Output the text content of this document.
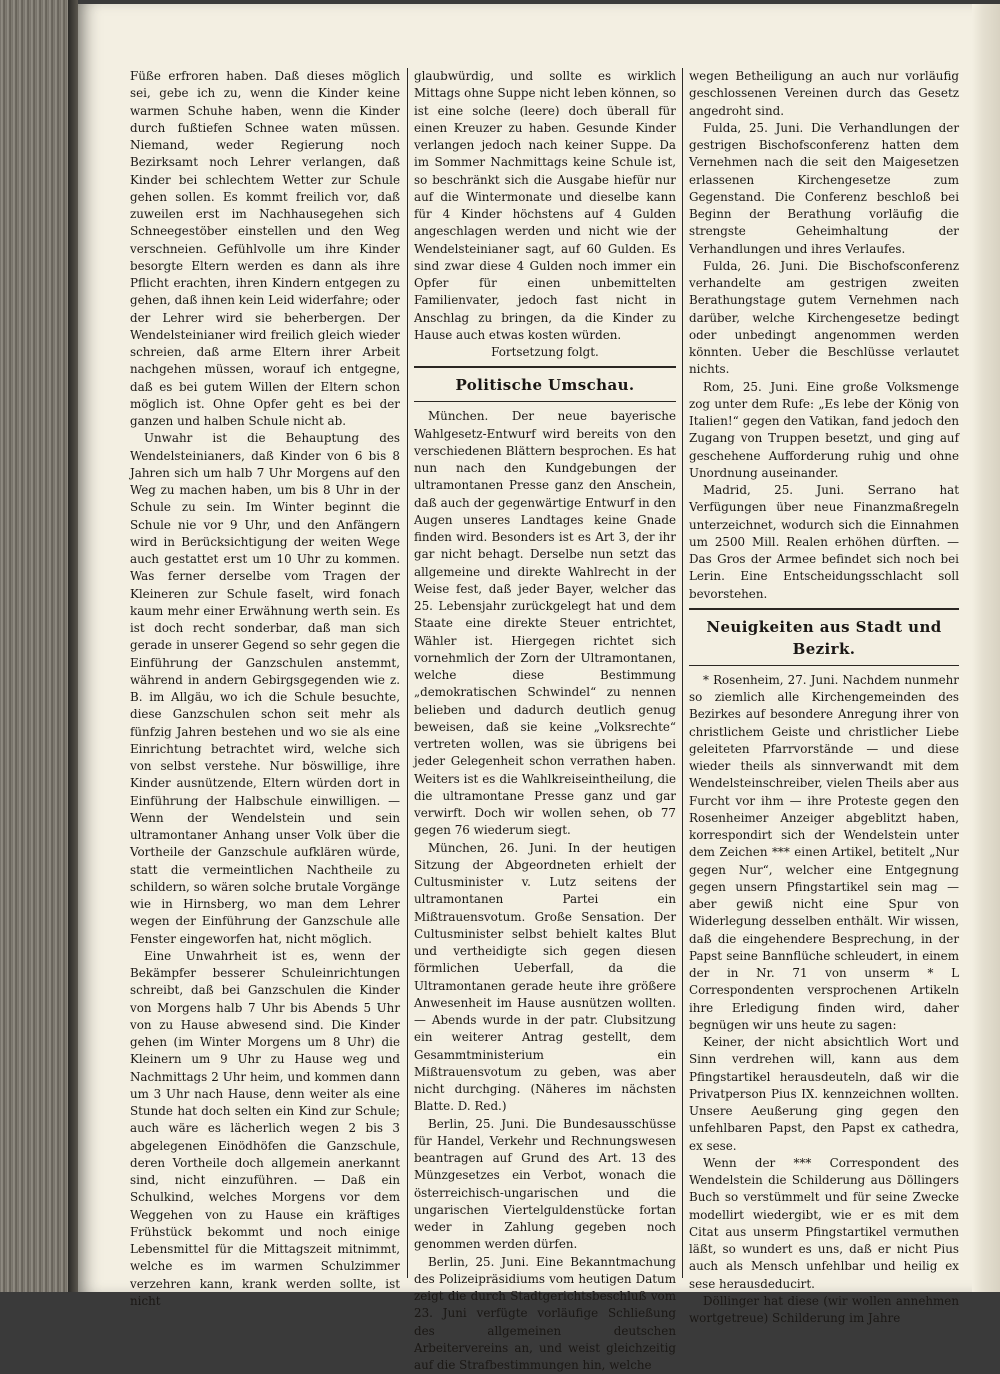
Füße erfroren haben. Daß dieses möglich sei, gebe ich zu, wenn die Kinder keine warmen Schuhe haben, wenn die Kinder durch fußtiefen Schnee waten müssen. Niemand, weder Regierung noch Bezirksamt noch Lehrer verlangen, daß Kinder bei schlechtem Wetter zur Schule gehen sollen. Es kommt freilich vor, daß zuweilen erst im Nachhausegehen sich Schneegestöber einstellen und den Weg verschneien. Gefühlvolle um ihre Kinder besorgte Eltern werden es dann als ihre Pflicht erachten, ihren Kindern entgegen zu gehen, daß ihnen kein Leid widerfahre; oder der Lehrer wird sie beherbergen. Der Wendelsteinianer wird freilich gleich wieder schreien, daß arme Eltern ihrer Arbeit nachgehen müssen, worauf ich entgegne, daß es bei gutem Willen der Eltern schon möglich ist. Ohne Opfer geht es bei der ganzen und halben Schule nicht ab.

Unwahr ist die Behauptung des Wendelsteinianers, daß Kinder von 6 bis 8 Jahren sich um halb 7 Uhr Morgens auf den Weg zu machen haben, um bis 8 Uhr in der Schule zu sein. Im Winter beginnt die Schule nie vor 9 Uhr, und den Anfängern wird in Berücksichtigung der weiten Wege auch gestattet erst um 10 Uhr zu kommen. Was ferner derselbe vom Tragen der Kleineren zur Schule faselt, wird fonach kaum mehr einer Erwähnung werth sein. Es ist doch recht sonderbar, daß man sich gerade in unserer Gegend so sehr gegen die Einführung der Ganzschulen anstemmt, während in andern Gebirgsgegenden wie z. B. im Allgäu, wo ich die Schule besuchte, diese Ganzschulen schon seit mehr als fünfzig Jahren bestehen und wo sie als eine Einrichtung betrachtet wird, welche sich von selbst verstehe. Nur böswillige, ihre Kinder ausnützende, Eltern würden dort in Einführung der Halbschule einwilligen. — Wenn der Wendelstein und sein ultramontaner Anhang unser Volk über die Vortheile der Ganzschule aufklären würde, statt die vermeintlichen Nachtheile zu schildern, so wären solche brutale Vorgänge wie in Hirnsberg, wo man dem Lehrer wegen der Einführung der Ganzschule alle Fenster eingeworfen hat, nicht möglich.

Eine Unwahrheit ist es, wenn der Bekämpfer besserer Schuleinrichtungen schreibt, daß bei Ganzschulen die Kinder von Morgens halb 7 Uhr bis Abends 5 Uhr von zu Hause abwesend sind. Die Kinder gehen (im Winter Morgens um 8 Uhr) die Kleinern um 9 Uhr zu Hause weg und Nachmittags 2 Uhr heim, und kommen dann um 3 Uhr nach Hause, denn weiter als eine Stunde hat doch selten ein Kind zur Schule; auch wäre es lächerlich wegen 2 bis 3 abgelegenen Einödhöfen die Ganzschule, deren Vortheile doch allgemein anerkannt sind, nicht einzuführen. — Daß ein Schulkind, welches Morgens vor dem Weggehen von zu Hause ein kräftiges Frühstück bekommt und noch einige Lebensmittel für die Mittagszeit mitnimmt, welche es im warmen Schulzimmer verzehren kann, krank werden sollte, ist nicht

glaubwürdig, und sollte es wirklich Mittags ohne Suppe nicht leben können, so ist eine solche (leere) doch überall für einen Kreuzer zu haben. Gesunde Kinder verlangen jedoch nach keiner Suppe. Da im Sommer Nachmittags keine Schule ist, so beschränkt sich die Ausgabe hiefür nur auf die Wintermonate und dieselbe kann für 4 Kinder höchstens auf 4 Gulden angeschlagen werden und nicht wie der Wendelsteinianer sagt, auf 60 Gulden. Es sind zwar diese 4 Gulden noch immer ein Opfer für einen unbemittelten Familienvater, jedoch fast nicht in Anschlag zu bringen, da die Kinder zu Hause auch etwas kosten würden.

Fortsetzung folgt.

Politische Umschau.

München. Der neue bayerische Wahlgesetz-Entwurf wird bereits von den verschiedenen Blättern besprochen. Es hat nun nach den Kundgebungen der ultramontanen Presse ganz den Anschein, daß auch der gegenwärtige Entwurf in den Augen unseres Landtages keine Gnade finden wird. Besonders ist es Art 3, der ihr gar nicht behagt. Derselbe nun setzt das allgemeine und direkte Wahlrecht in der Weise fest, daß jeder Bayer, welcher das 25. Lebensjahr zurückgelegt hat und dem Staate eine direkte Steuer entrichtet, Wähler ist. Hiergegen richtet sich vornehmlich der Zorn der Ultramontanen, welche diese Bestimmung „demokratischen Schwindel“ zu nennen belieben und dadurch deutlich genug beweisen, daß sie keine „Volksrechte“ vertreten wollen, was sie übrigens bei jeder Gelegenheit schon verrathen haben. Weiters ist es die Wahlkreiseintheilung, die die ultramontane Presse ganz und gar verwirft. Doch wir wollen sehen, ob 77 gegen 76 wiederum siegt.

München, 26. Juni. In der heutigen Sitzung der Abgeordneten erhielt der Cultusminister v. Lutz seitens der ultramontanen Partei ein Mißtrauensvotum. Große Sensation. Der Cultusminister selbst behielt kaltes Blut und vertheidigte sich gegen diesen förmlichen Ueberfall, da die Ultramontanen gerade heute ihre größere Anwesenheit im Hause ausnützen wollten. — Abends wurde in der patr. Clubsitzung ein weiterer Antrag gestellt, dem Gesammtministerium ein Mißtrauensvotum zu geben, was aber nicht durchging. (Näheres im nächsten Blatte. D. Red.)

Berlin, 25. Juni. Die Bundesausschüsse für Handel, Verkehr und Rechnungswesen beantragen auf Grund des Art. 13 des Münzgesetzes ein Verbot, wonach die österreichisch-ungarischen und die ungarischen Viertelguldenstücke fortan weder in Zahlung gegeben noch genommen werden dürfen.

Berlin, 25. Juni. Eine Bekanntmachung des Polizeipräsidiums vom heutigen Datum zeigt die durch Stadtgerichtsbeschluß vom 23. Juni verfügte vorläufige Schließung des allgemeinen deutschen Arbeitervereins an, und weist gleichzeitig auf die Strafbestimmungen hin, welche

wegen Betheiligung an auch nur vorläufig geschlossenen Vereinen durch das Gesetz angedroht sind.

Fulda, 25. Juni. Die Verhandlungen der gestrigen Bischofsconferenz hatten dem Vernehmen nach die seit den Maigesetzen erlassenen Kirchengesetze zum Gegenstand. Die Conferenz beschloß bei Beginn der Berathung vorläufig die strengste Geheimhaltung der Verhandlungen und ihres Verlaufes.

Fulda, 26. Juni. Die Bischofsconferenz verhandelte am gestrigen zweiten Berathungstage gutem Vernehmen nach darüber, welche Kirchengesetze bedingt oder unbedingt angenommen werden könnten. Ueber die Beschlüsse verlautet nichts.

Rom, 25. Juni. Eine große Volksmenge zog unter dem Rufe: „Es lebe der König von Italien!“ gegen den Vatikan, fand jedoch den Zugang von Truppen besetzt, und ging auf geschehene Aufforderung ruhig und ohne Unordnung auseinander.

Madrid, 25. Juni. Serrano hat Verfügungen über neue Finanzmaßregeln unterzeichnet, wodurch sich die Einnahmen um 2500 Mill. Realen erhöhen dürften. — Das Gros der Armee befindet sich noch bei Lerin. Eine Entscheidungsschlacht soll bevorstehen.

Neuigkeiten aus Stadt und Bezirk.

* Rosenheim, 27. Juni. Nachdem nunmehr so ziemlich alle Kirchengemeinden des Bezirkes auf besondere Anregung ihrer von christlichem Geiste und christlicher Liebe geleiteten Pfarrvorstände — und diese wieder theils als sinnverwandt mit dem Wendelsteinschreiber, vielen Theils aber aus Furcht vor ihm — ihre Proteste gegen den Rosenheimer Anzeiger abgeblitzt haben, korrespondirt sich der Wendelstein unter dem Zeichen *** einen Artikel, betitelt „Nur gegen Nur“, welcher eine Entgegnung gegen unsern Pfingstartikel sein mag — aber gewiß nicht eine Spur von Widerlegung desselben enthält. Wir wissen, daß die eingehendere Besprechung, in der Papst seine Bannflüche schleudert, in einem der in Nr. 71 von unserm * L Correspondenten versprochenen Artikeln ihre Erledigung finden wird, daher begnügen wir uns heute zu sagen:

Keiner, der nicht absichtlich Wort und Sinn verdrehen will, kann aus dem Pfingstartikel herausdeuteln, daß wir die Privatperson Pius IX. kennzeichnen wollten. Unsere Aeußerung ging gegen den unfehlbaren Papst, den Papst ex cathedra, ex sese.

Wenn der *** Correspondent des Wendelstein die Schilderung aus Döllingers Buch so verstümmelt und für seine Zwecke modellirt wiedergibt, wie er es mit dem Citat aus unserm Pfingstartikel vermuthen läßt, so wundert es uns, daß er nicht Pius auch als Mensch unfehlbar und heilig ex sese herausdeducirt.

Döllinger hat diese (wir wollen annehmen wortgetreue) Schilderung im Jahre
